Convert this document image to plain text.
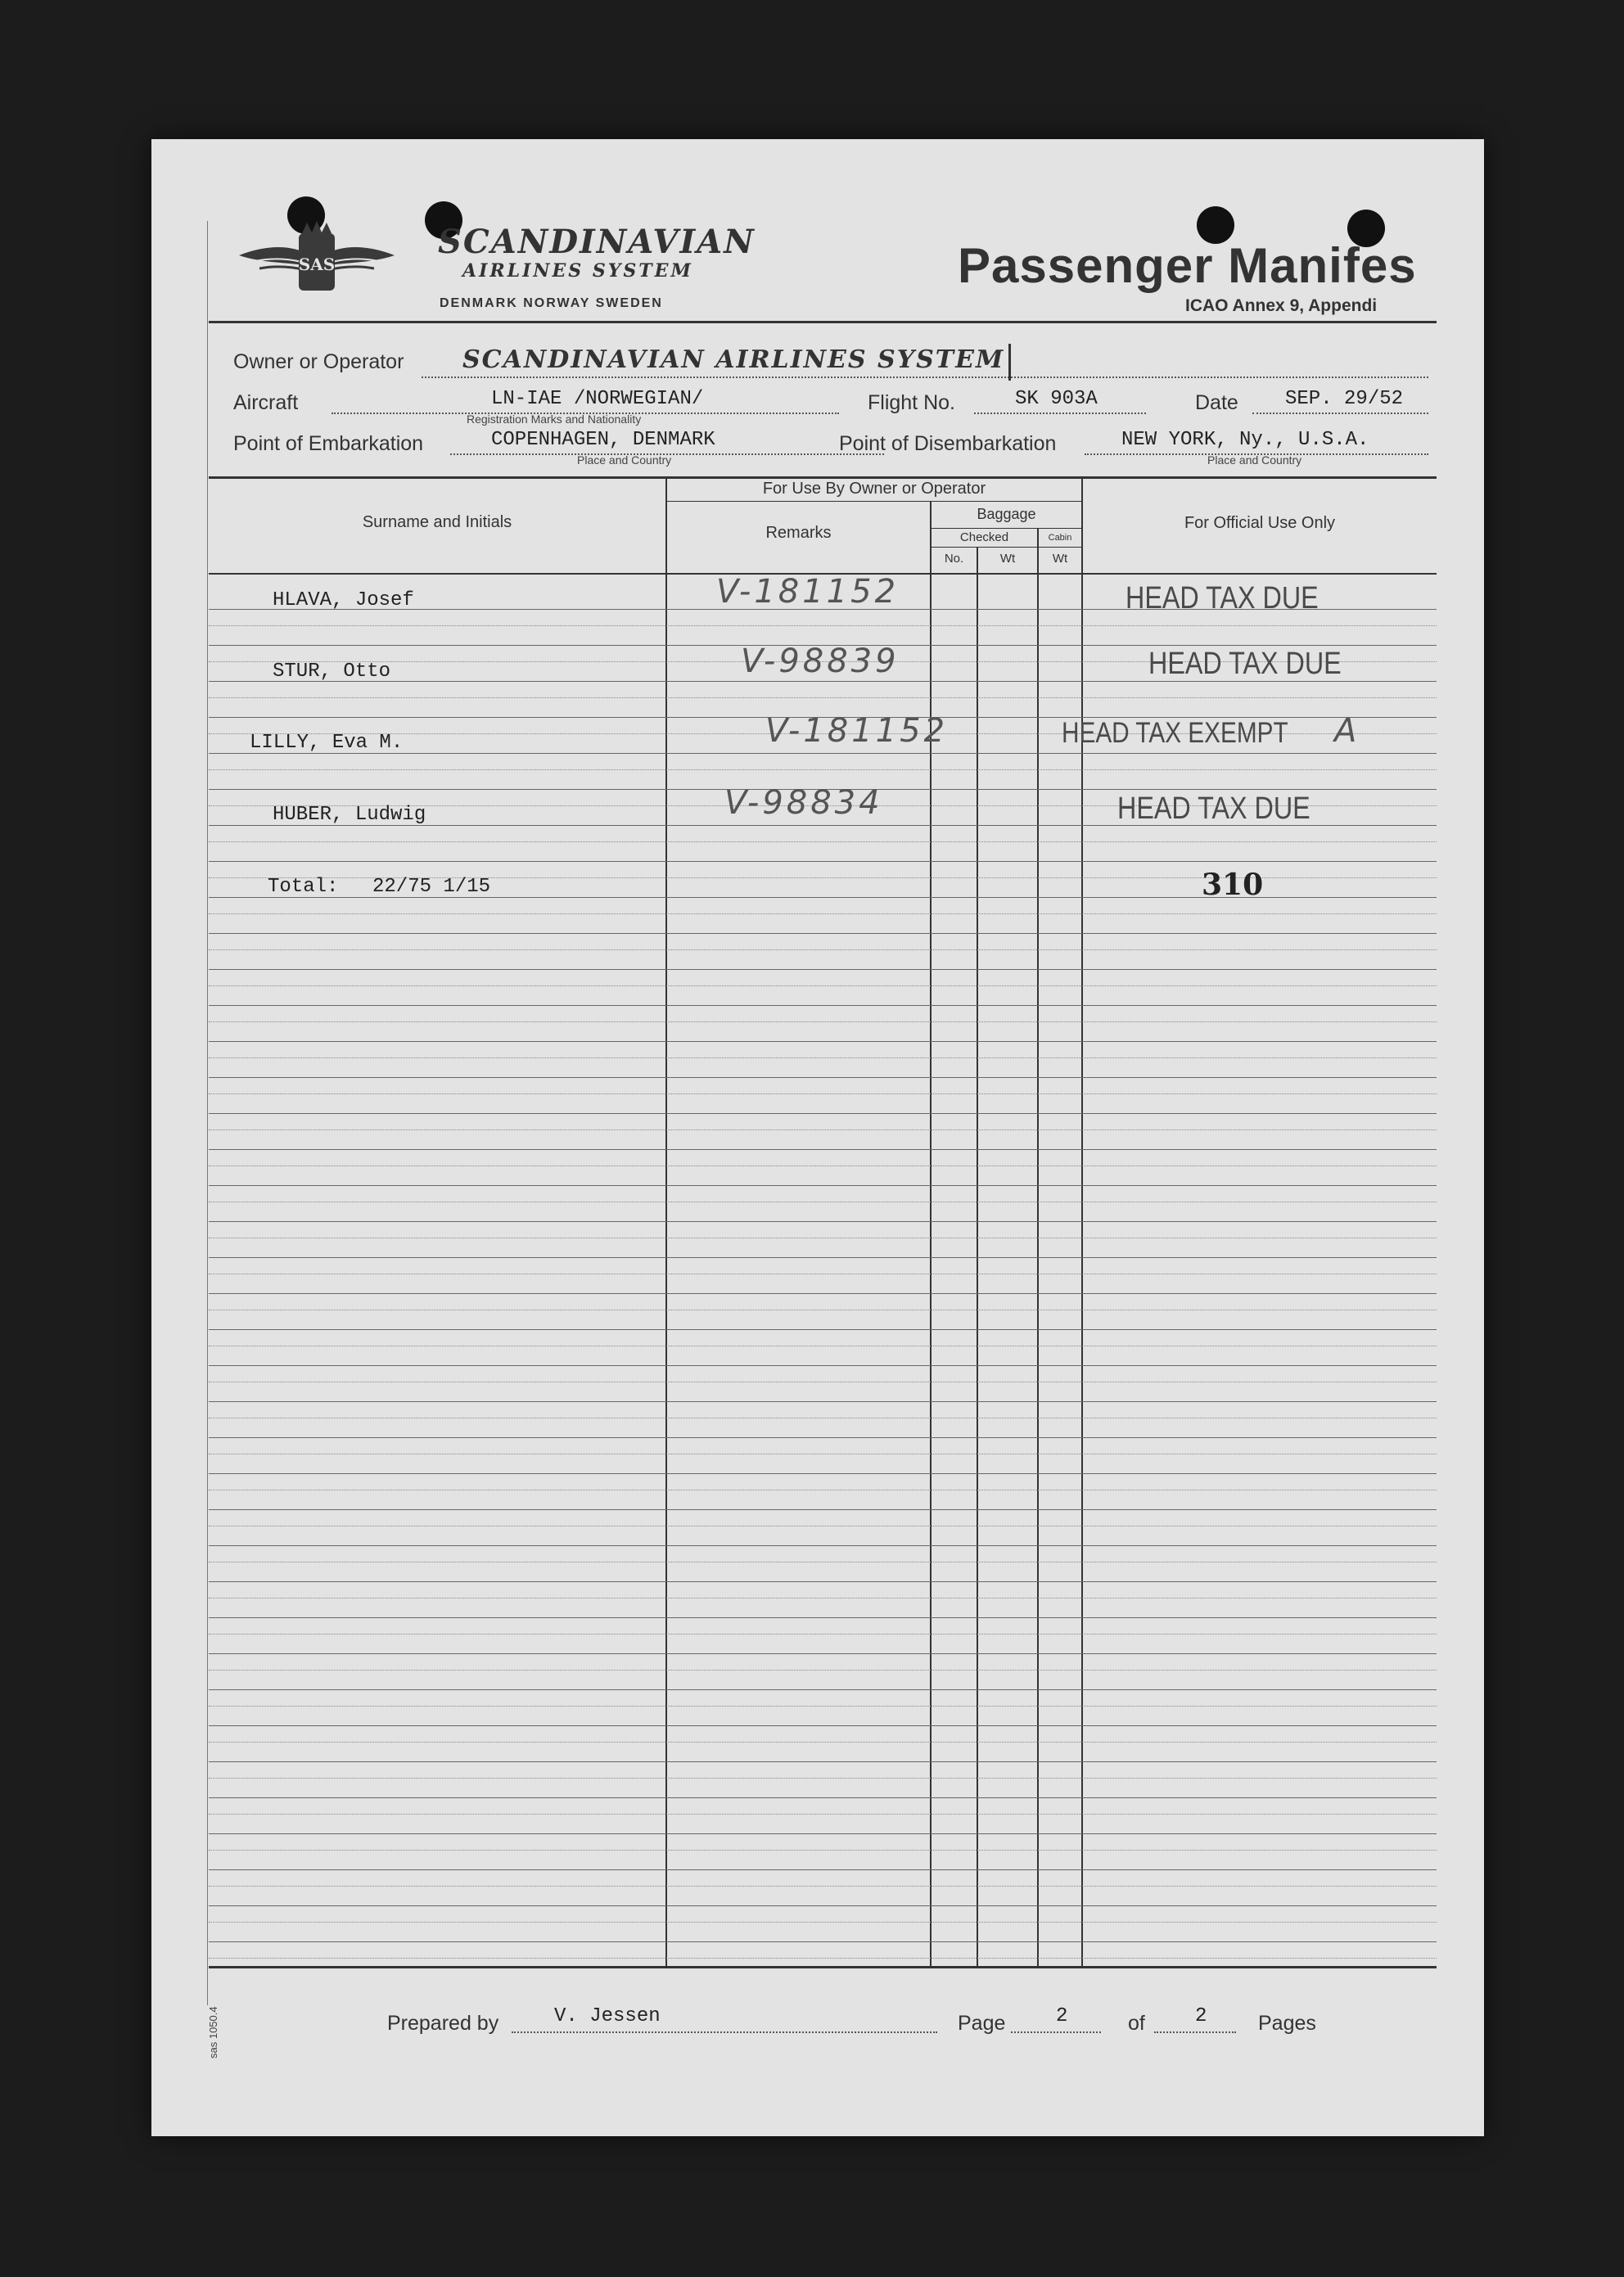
SAS
SCANDINAVIAN
AIRLINES SYSTEM
DENMARK NORWAY SWEDEN
Passenger Manifes
ICAO Annex 9, Appendi
Owner or Operator SCANDINAVIAN AIRLINES SYSTEM
Aircraft	LN-IAE /NORWEGIAN/
Registration Marks and Nationality
Flight No.	SK 903A	Date SEP. 29/52
Point of Embarkation	COPENHAGEN, DENMARK
Place and Country
Point of Disembarkation	NEW YORK, Ny., U.S.A.
Place and Country
Surname and Initials
For Use By Owner or Operator
Remarks
Baggage
Checked	Cabin
No.	Wt	Wt
For Official Use Only
HLAVA, Josef	V-181152	HEAD TAX DUE
STUR, Otto	V-98839	HEAD TAX DUE
LILLY, Eva M.	V-181152	HEAD TAX EXEMPT A
HUBER, Ludwig	V-98834	HEAD TAX DUE
Total: 22/75 1/15	310
Prepared by	V. Jessen	Page	2	of	2	Pages
sas 1050.4
